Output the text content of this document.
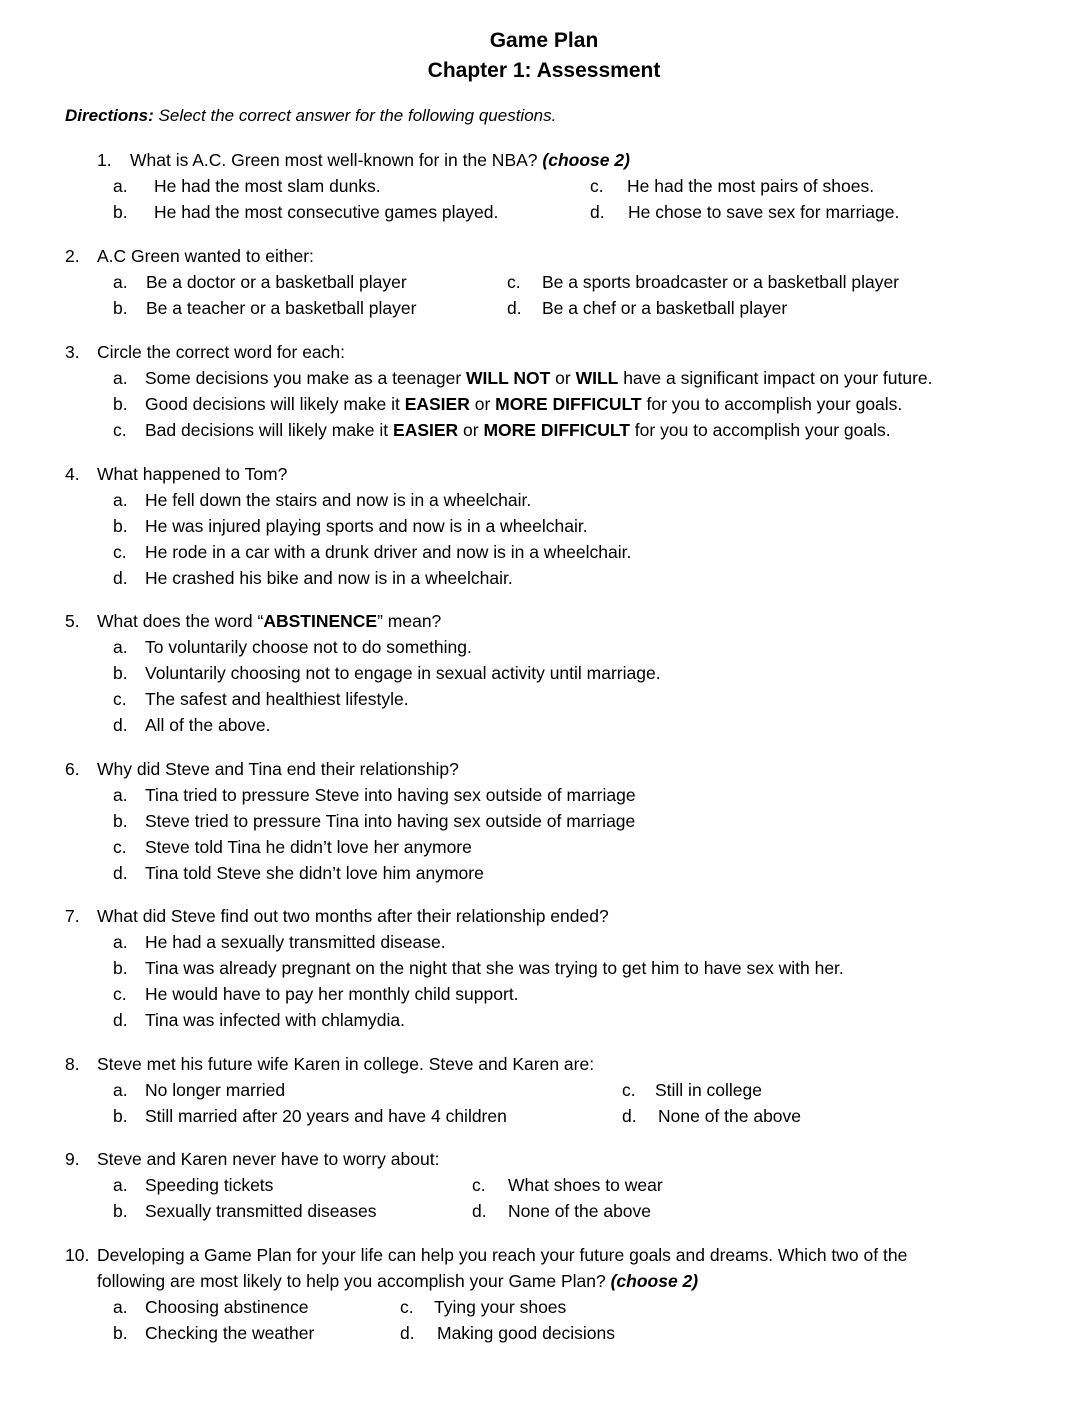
Game Plan
Chapter 1: Assessment
Directions: Select the correct answer for the following questions.
1. What is A.C. Green most well-known for in the NBA? (choose 2)
a. He had the most slam dunks.
b. He had the most consecutive games played.
c. He had the most pairs of shoes.
d. He chose to save sex for marriage.
2. A.C Green wanted to either:
a. Be a doctor or a basketball player
b. Be a teacher or a basketball player
c. Be a sports broadcaster or a basketball player
d. Be a chef or a basketball player
3. Circle the correct word for each:
a. Some decisions you make as a teenager WILL NOT or WILL have a significant impact on your future.
b. Good decisions will likely make it EASIER or MORE DIFFICULT for you to accomplish your goals.
c. Bad decisions will likely make it EASIER or MORE DIFFICULT for you to accomplish your goals.
4. What happened to Tom?
a. He fell down the stairs and now is in a wheelchair.
b. He was injured playing sports and now is in a wheelchair.
c. He rode in a car with a drunk driver and now is in a wheelchair.
d. He crashed his bike and now is in a wheelchair.
5. What does the word “ABSTINENCE” mean?
a. To voluntarily choose not to do something.
b. Voluntarily choosing not to engage in sexual activity until marriage.
c. The safest and healthiest lifestyle.
d. All of the above.
6. Why did Steve and Tina end their relationship?
a. Tina tried to pressure Steve into having sex outside of marriage
b. Steve tried to pressure Tina into having sex outside of marriage
c. Steve told Tina he didn’t love her anymore
d. Tina told Steve she didn’t love him anymore
7. What did Steve find out two months after their relationship ended?
a. He had a sexually transmitted disease.
b. Tina was already pregnant on the night that she was trying to get him to have sex with her.
c. He would have to pay her monthly child support.
d. Tina was infected with chlamydia.
8. Steve met his future wife Karen in college. Steve and Karen are:
a. No longer married
b. Still married after 20 years and have 4 children
c. Still in college
d. None of the above
9. Steve and Karen never have to worry about:
a. Speeding tickets
b. Sexually transmitted diseases
c. What shoes to wear
d. None of the above
10. Developing a Game Plan for your life can help you reach your future goals and dreams. Which two of the
following are most likely to help you accomplish your Game Plan? (choose 2)
a. Choosing abstinence
b. Checking the weather
c. Tying your shoes
d. Making good decisions
